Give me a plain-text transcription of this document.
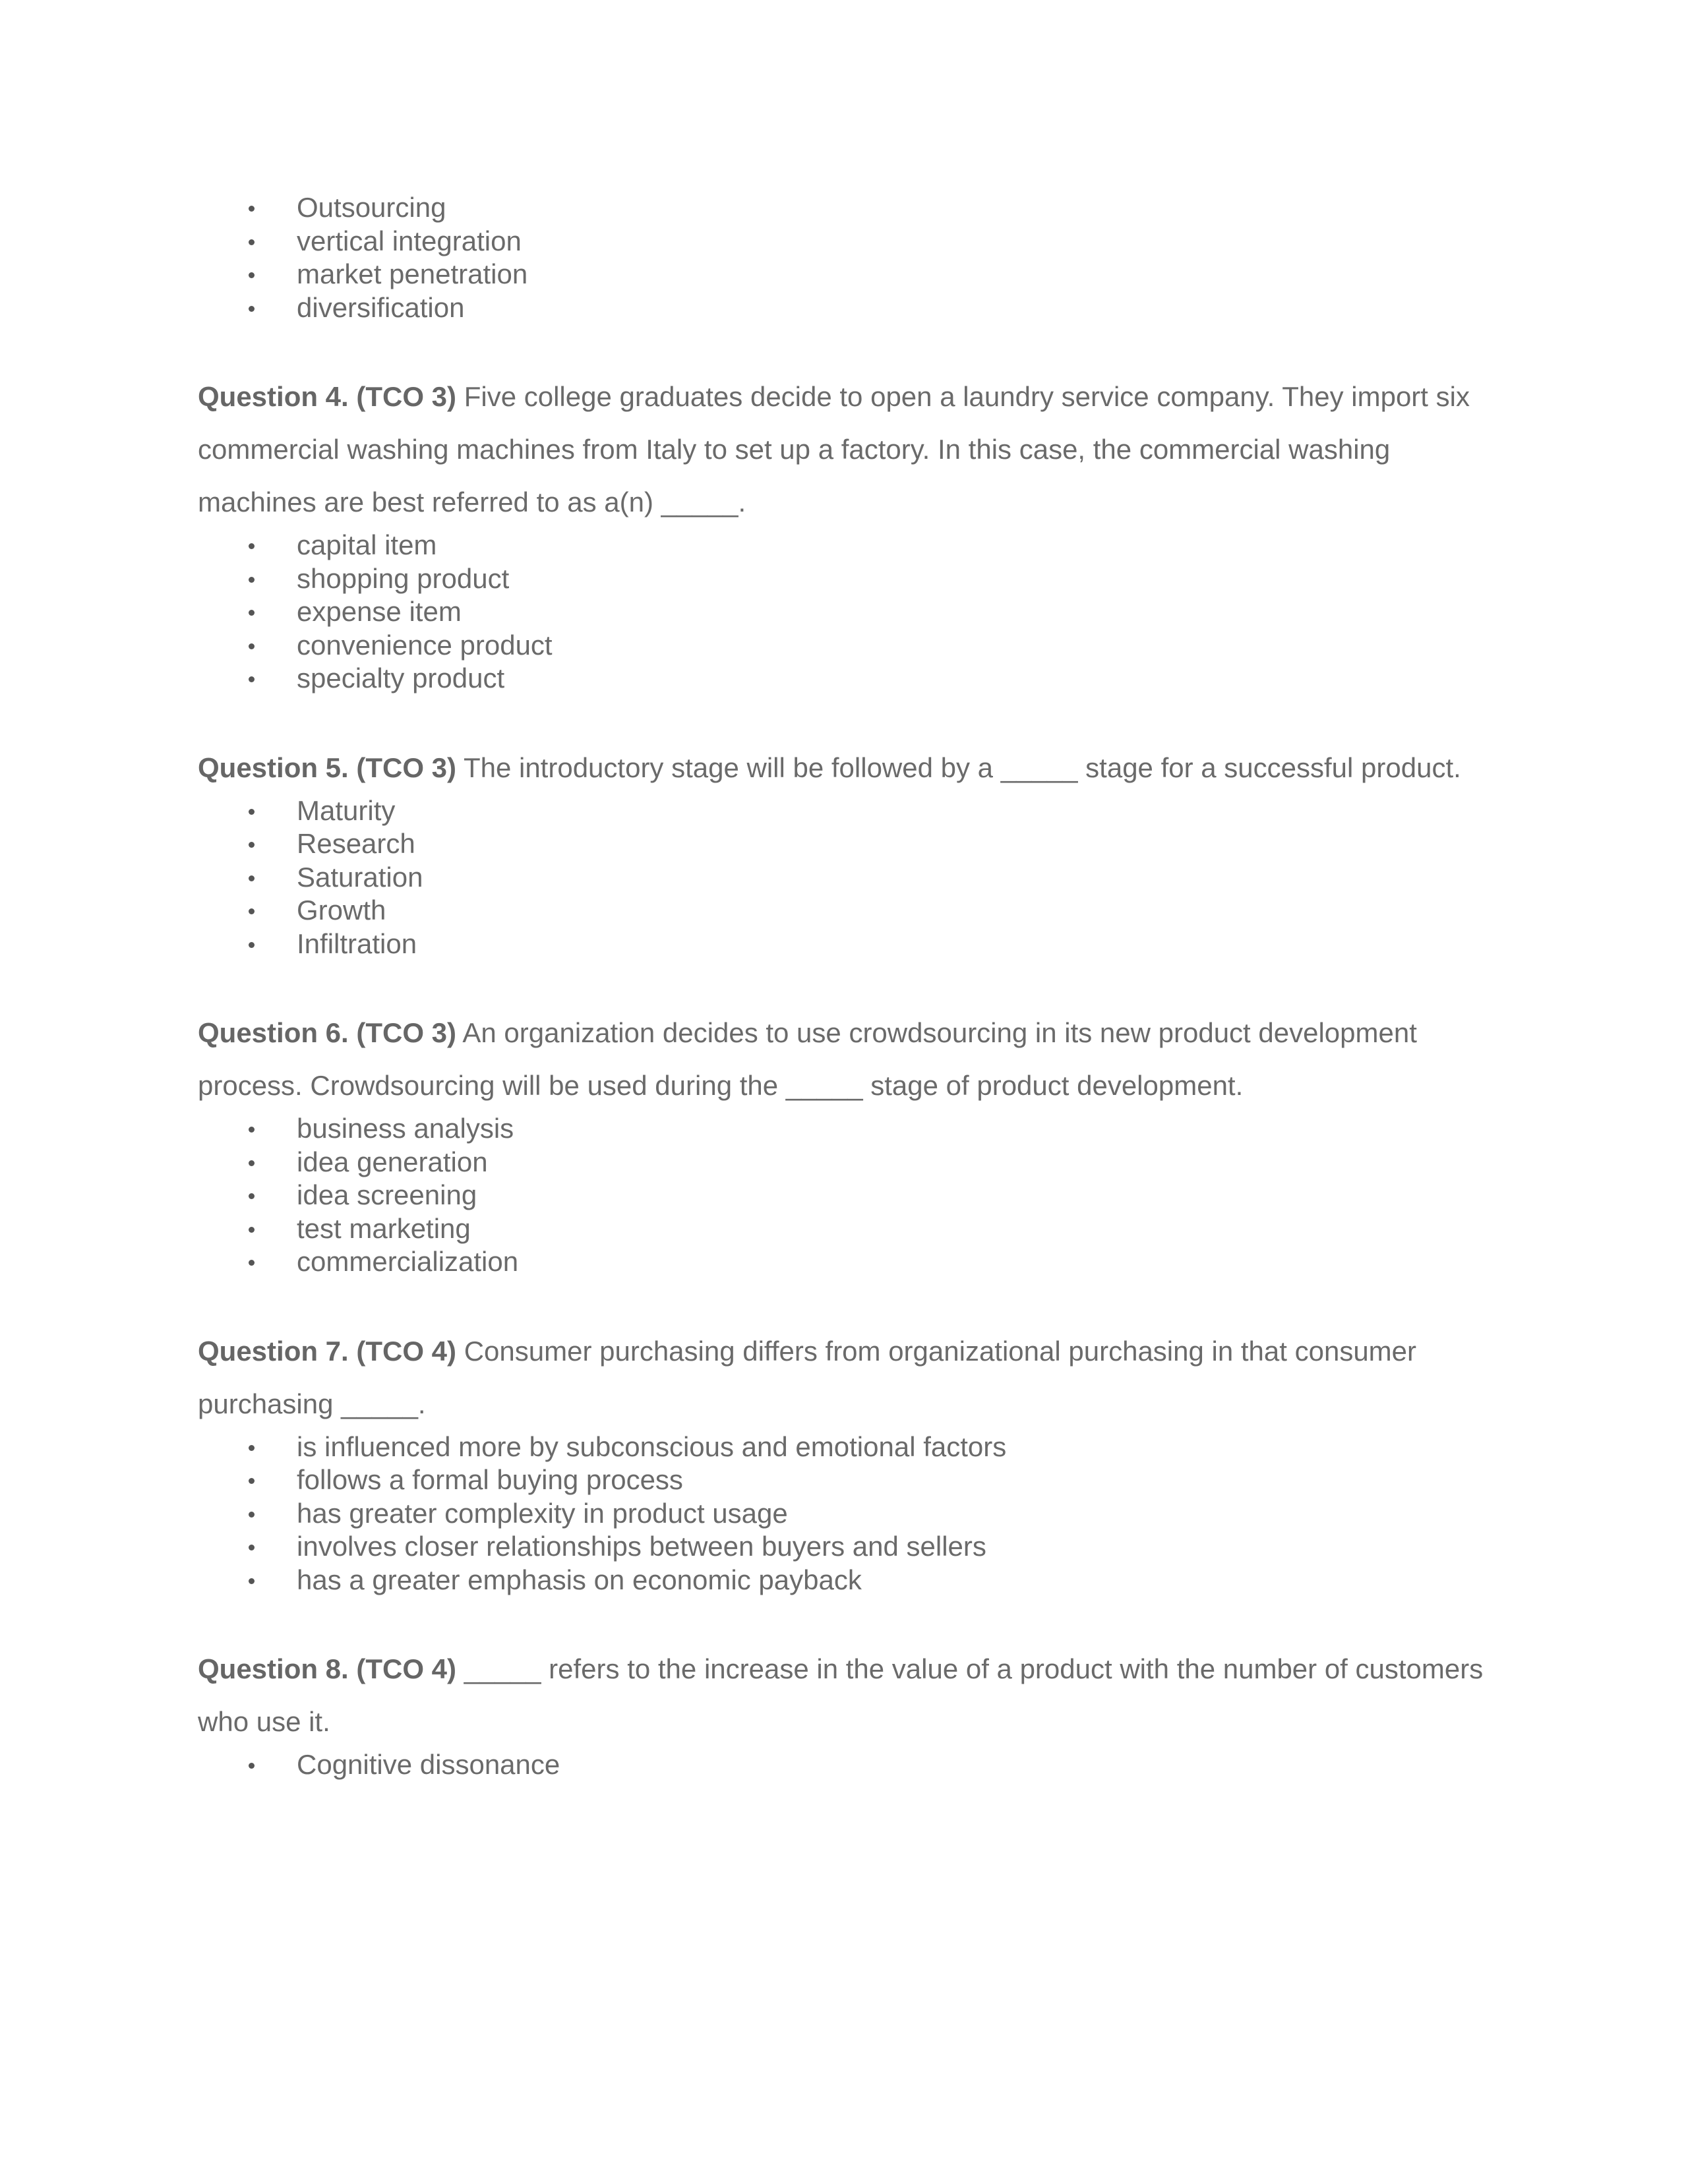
Outsourcing
vertical integration
market penetration
diversification

Question 4. (TCO 3) Five college graduates decide to open a laundry service company. They import six commercial washing machines from Italy to set up a factory. In this case, the commercial washing machines are best referred to as a(n) _____.

capital item
shopping product
expense item
convenience product
specialty product

Question 5. (TCO 3) The introductory stage will be followed by a _____ stage for a successful product.

Maturity
Research
Saturation
Growth
Infiltration

Question 6. (TCO 3) An organization decides to use crowdsourcing in its new product development process. Crowdsourcing will be used during the _____ stage of product development.

business analysis
idea generation
idea screening
test marketing
commercialization

Question 7. (TCO 4) Consumer purchasing differs from organizational purchasing in that consumer purchasing _____.

is influenced more by subconscious and emotional factors
follows a formal buying process
has greater complexity in product usage
involves closer relationships between buyers and sellers
has a greater emphasis on economic payback

Question 8. (TCO 4) _____ refers to the increase in the value of a product with the number of customers who use it.

Cognitive dissonance
